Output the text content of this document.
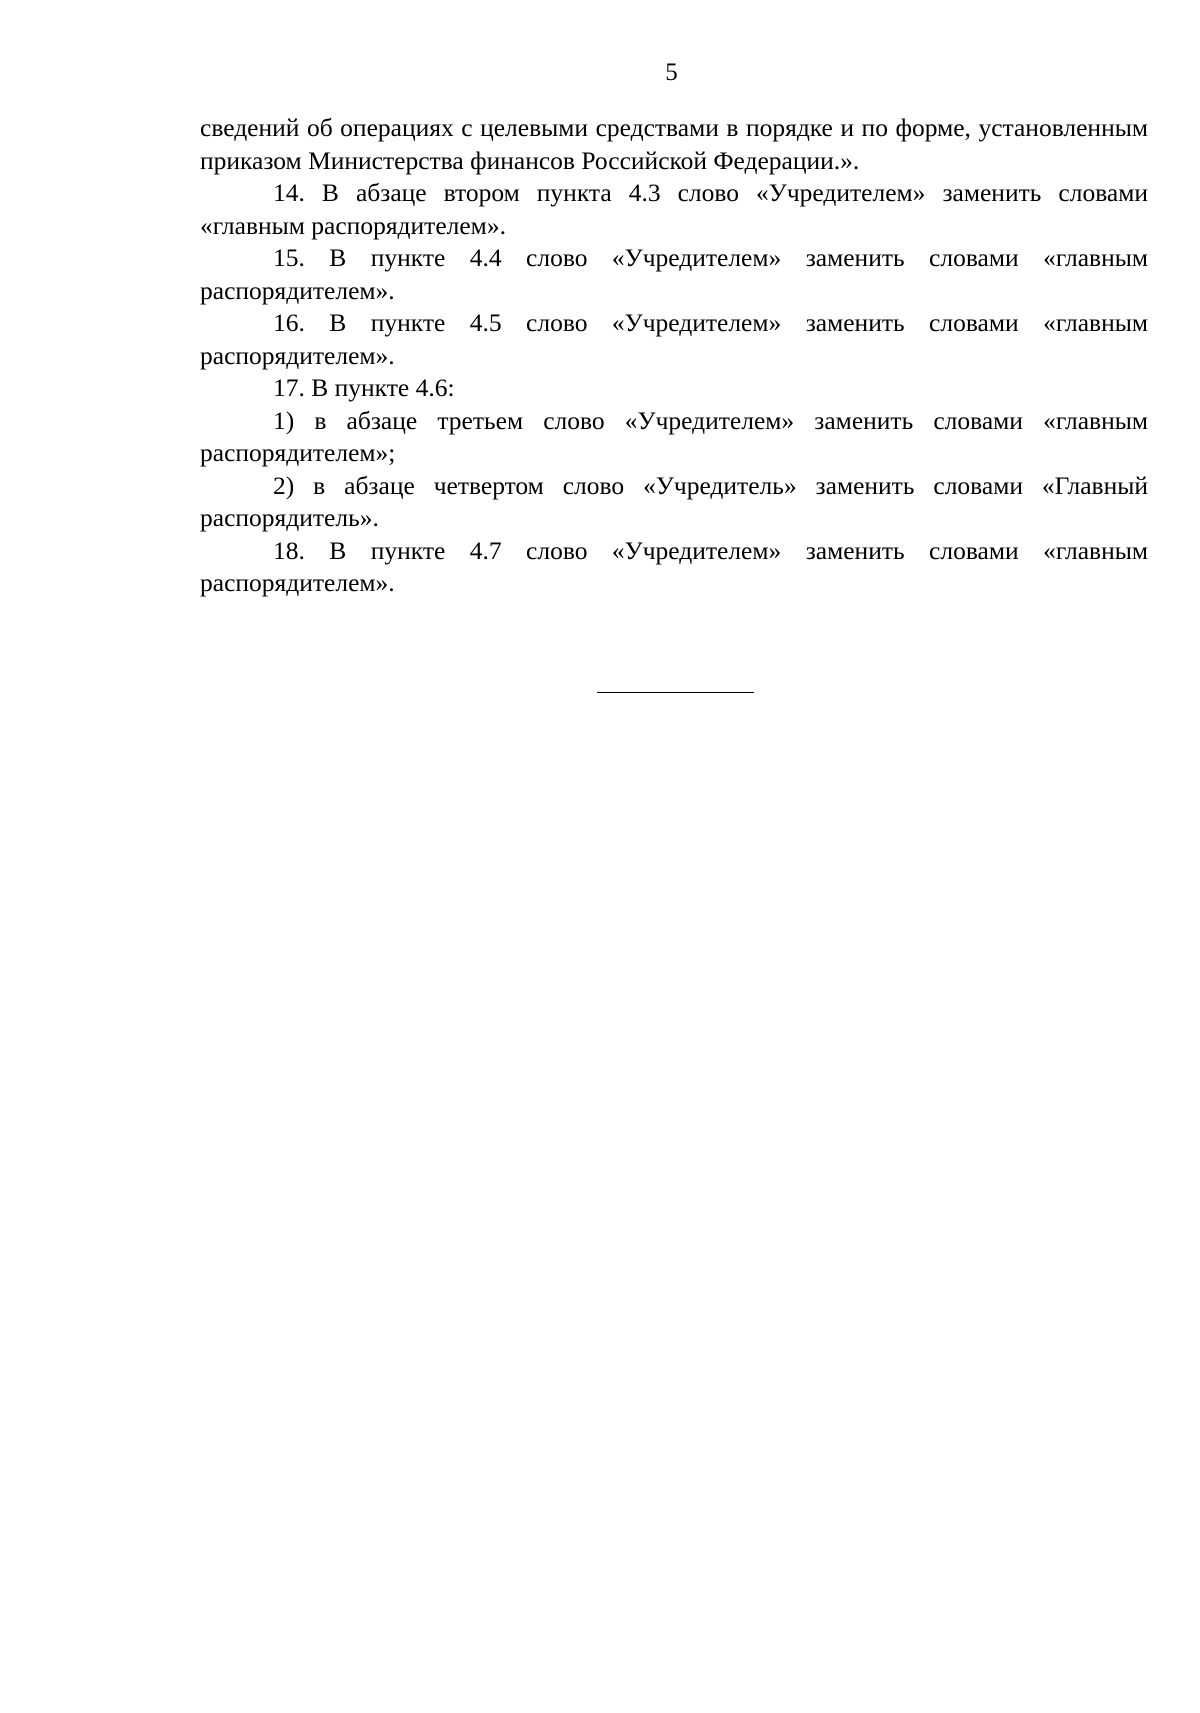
5

сведений об операциях с целевыми средствами в порядке и по форме, установленным приказом Министерства финансов Российской Федерации.».

14. В абзаце втором пункта 4.3 слово «Учредителем» заменить словами «главным распорядителем».

15. В пункте 4.4 слово «Учредителем» заменить словами «главным распорядителем».

16. В пункте 4.5 слово «Учредителем» заменить словами «главным распорядителем».

17. В пункте 4.6:

1) в абзаце третьем слово «Учредителем» заменить словами «главным распорядителем»;

2) в абзаце четвертом слово «Учредитель» заменить словами «Главный распорядитель».

18. В пункте 4.7 слово «Учредителем» заменить словами «главным распорядителем».
